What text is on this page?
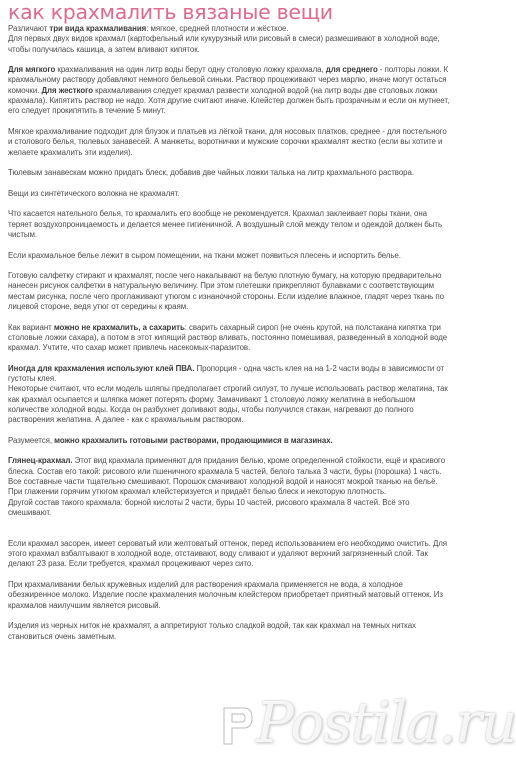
как крахмалить вязаные вещи

Различают три вида крахмаливания: мягкое, средней плотности и жёсткое.
Для первых двух видов крахмал (картофельный или кукурузный или рисовый в смеси) размешивают в холодной воде, чтобы получилась кашица, а затем вливают кипяток.

Для мягкого крахмаливания на один литр воды берут одну столовую ложку крахмала, для среднего - полторы ложки. К крахмальному раствору добавляют немного бельевой синьки. Раствор процеживают через марлю, иначе могут остаться комочки. Для жесткого крахмаливания следует крахмал развести холодной водой (на литр воды две столовых ложки крахмала). Кипятить раствор не надо. Хотя другие считают иначе. Клейстер должен быть прозрачным и если он мутнеет, его следует прокипятить в течение 5 минут.

Мягкое крахмаливание подходит для блузок и платьев из лёгкой ткани, для носовых платков, среднее - для постельного и столового белья, тюлевых занавесей. А манжеты, воротнички и мужские сорочки крахмалят жестко (если вы хотите и желаете крахмалить эти изделия).

Тюлевым занавескам можно придать блеск, добавив две чайных ложки талька на литр крахмального раствора.

Вещи из синтетического волокна не крахмалят.

Что касается нательного белья, то крахмалить его вообще не рекомендуется. Крахмал заклеивает поры ткани, она теряет воздухопроницаемость и делается менее гигиеничной. А воздушный слой между телом и одеждой должен быть чистым.

Если крахмальное белье лежит в сыром помещении, на ткани может появиться плесень и испортить белье.

Готовую салфетку стирают и крахмалят, после чего накалывают на белую плотную бумагу, на которую предварительно нанесен рисунок салфетки в натуральную величину. При этом плетешки прикрепляют булавками с соответствующим местам рисунка, после чего проглаживают утюгом с изнаночной стороны. Если изделие влажное, гладят через ткань по лицевой стороне, ведя утюг от середины к краям.

Как вариант можно не крахмалить, а сахарить: сварить сахарный сироп (не очень крутой, на полстакана кипятка три столовые ложки сахара), а потом в этот кипящий раствор вливать, постоянно помешивая, разведенный в холодной воде крахмал. Учтите, что сахар может привлечь насекомых-паразитов.

Иногда для крахмаления используют клей ПВА. Пропорция - одна часть клея на на 1-2 части воды в зависимости от густоты клея.
Некоторые считают, что если модель шляпы предполагает строгий силуэт, то лучше использовать раствор желатина, так как крахмал осыпается и шляпка может потерять форму. Замачивают 1 столовую ложку желатина в небольшом количестве холодной воды. Когда он разбухнет доливают воды, чтобы получился стакан, нагревают до полного растворения желатина. А далее - как с крахмальным раствором.

Разумеется, можно крахмалить готовыми растворами, продающимися в магазинах.

Глянец-крахмал. Этот вид крахмала применяют для придания белью, кроме определенной стойкости, ещё и красивого блеска. Состав его такой: рисового или пшеничного крахмала 5 частей, белого талька 3 части, буры (порошка) 1 часть. Все составные части тщательно смешивают. Порошок смачивают холодной водой и наносят мокрой тканью на бельё.
При глажении горячим утюгом крахмал клейстеризуется и придаёт белью блеск и некоторую плотность.
Другой состав такого крахмала: борной кислоты 2 части, буры 10 частей, рисового крахмала 8 частей. Всё это смешивают.

Если крахмал засорен, имеет сероватый или желтоватый оттенок, перед использованием его необходимо очистить. Для этого крахмал взбалтывают в холодной воде, отстаивают, воду сливают и удаляют верхний загрязненный слой. Так делают 2З раза. Если требуется, крахмал процеживают через сито.

При крахмаливании белых кружевных изделий для растворения крахмала применяется не вода, а холодное обезжиренное молоко. Изделие после крахмаления молочным клейстером приобретает приятный матовый оттенок. Из крахмалов наилучшим является рисовый.

Изделия из черных ниток не крахмалят, а аппретируют только сладкой водой, так как крахмал на темных нитках становиться очень заметным.

Postila.ru
